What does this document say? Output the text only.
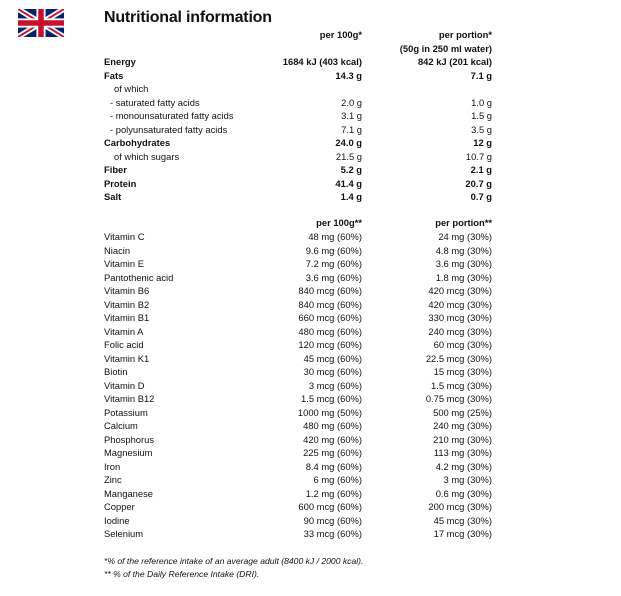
Nutritional information
per 100g*	per portion*
(50g in 250 ml water)
Energy	1684 kJ (403 kcal)	842 kJ (201 kcal)
Fats	14.3 g	7.1 g
of which
- saturated fatty acids	2.0 g	1.0 g
- monounsaturated fatty acids	3.1 g	1.5 g
- polyunsaturated fatty acids	7.1 g	3.5 g
Carbohydrates	24.0 g	12 g
of which sugars	21.5 g	10.7 g
Fiber	5.2 g	2.1 g
Protein	41.4 g	20.7 g
Salt	1.4 g	0.7 g
per 100g**	per portion**
Vitamin C	48 mg (60%)	24 mg (30%)
Niacin	9.6 mg (60%)	4.8 mg (30%)
Vitamin E	7.2 mg (60%)	3.6 mg (30%)
Pantothenic acid	3.6 mg (60%)	1.8 mg (30%)
Vitamin B6	840 mcg (60%)	420 mcg (30%)
Vitamin B2	840 mcg (60%)	420 mcg (30%)
Vitamin B1	660 mcg (60%)	330 mcg (30%)
Vitamin A	480 mcg (60%)	240 mcg (30%)
Folic acid	120 mcg (60%)	60 mcg (30%)
Vitamin K1	45 mcg (60%)	22.5 mcg (30%)
Biotin	30 mcg (60%)	15 mcg (30%)
Vitamin D	3 mcg (60%)	1.5 mcg (30%)
Vitamin B12	1.5 mcg (60%)	0.75 mcg (30%)
Potassium	1000 mg (50%)	500 mg (25%)
Calcium	480 mg (60%)	240 mg (30%)
Phosphorus	420 mg (60%)	210 mg (30%)
Magnesium	225 mg (60%)	113 mg (30%)
Iron	8.4 mg (60%)	4.2 mg (30%)
Zinc	6 mg (60%)	3 mg (30%)
Manganese	1.2 mg (60%)	0.6 mg (30%)
Copper	600 mcg (60%)	200 mcg (30%)
Iodine	90 mcg (60%)	45 mcg (30%)
Selenium	33 mcg (60%)	17 mcg (30%)
*% of the reference intake of an average adult (8400 kJ / 2000 kcal).
** % of the Daily Reference Intake (DRI).
